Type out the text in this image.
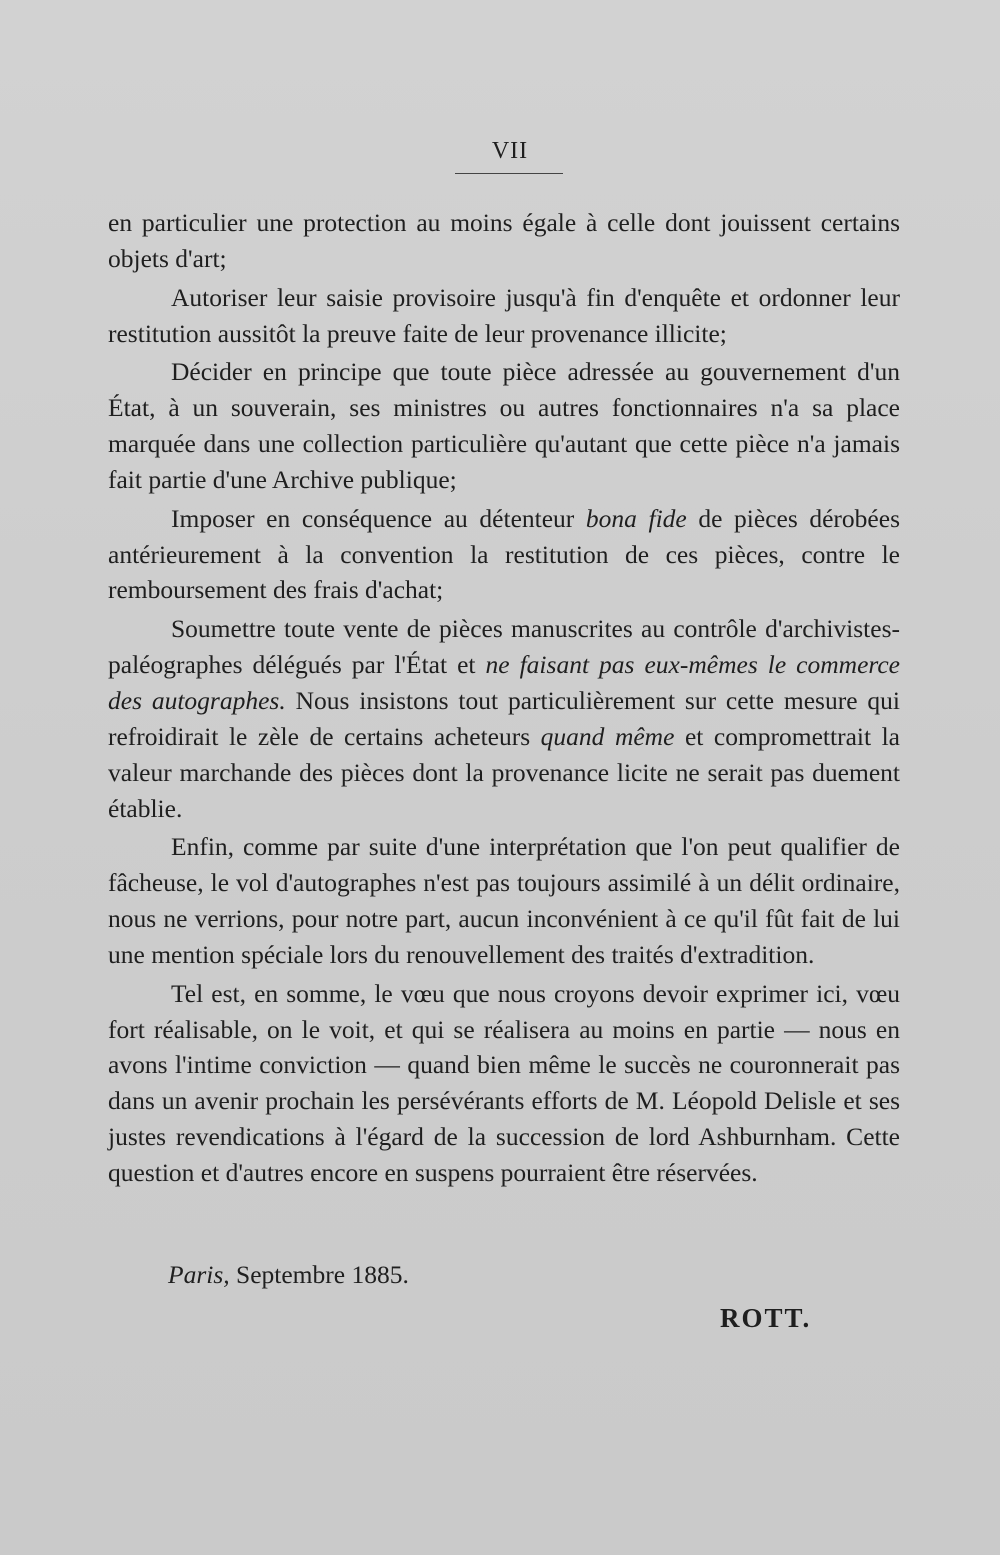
VII

en particulier une protection au moins égale à celle dont jouissent certains objets d'art;

Autoriser leur saisie provisoire jusqu'à fin d'enquête et ordonner leur restitution aussitôt la preuve faite de leur provenance illicite;

Décider en principe que toute pièce adressée au gouvernement d'un État, à un souverain, ses ministres ou autres fonctionnaires n'a sa place marquée dans une collection particulière qu'autant que cette pièce n'a jamais fait partie d'une Archive publique;

Imposer en conséquence au détenteur bona fide de pièces dérobées antérieurement à la convention la restitution de ces pièces, contre le remboursement des frais d'achat;

Soumettre toute vente de pièces manuscrites au contrôle d'archivistes-paléographes délégués par l'État et ne faisant pas eux-mêmes le commerce des autographes. Nous insistons tout particulièrement sur cette mesure qui refroidirait le zèle de certains acheteurs quand même et compromettrait la valeur marchande des pièces dont la provenance licite ne serait pas duement établie.

Enfin, comme par suite d'une interprétation que l'on peut qualifier de fâcheuse, le vol d'autographes n'est pas toujours assimilé à un délit ordinaire, nous ne verrions, pour notre part, aucun inconvénient à ce qu'il fût fait de lui une mention spéciale lors du renouvellement des traités d'extradition.

Tel est, en somme, le vœu que nous croyons devoir exprimer ici, vœu fort réalisable, on le voit, et qui se réalisera au moins en partie — nous en avons l'intime conviction — quand bien même le succès ne couronnerait pas dans un avenir prochain les persévérants efforts de M. Léopold Delisle et ses justes revendications à l'égard de la succession de lord Ashburnham. Cette question et d'autres encore en suspens pourraient être réservées.

Paris, Septembre 1885.
ROTT.
